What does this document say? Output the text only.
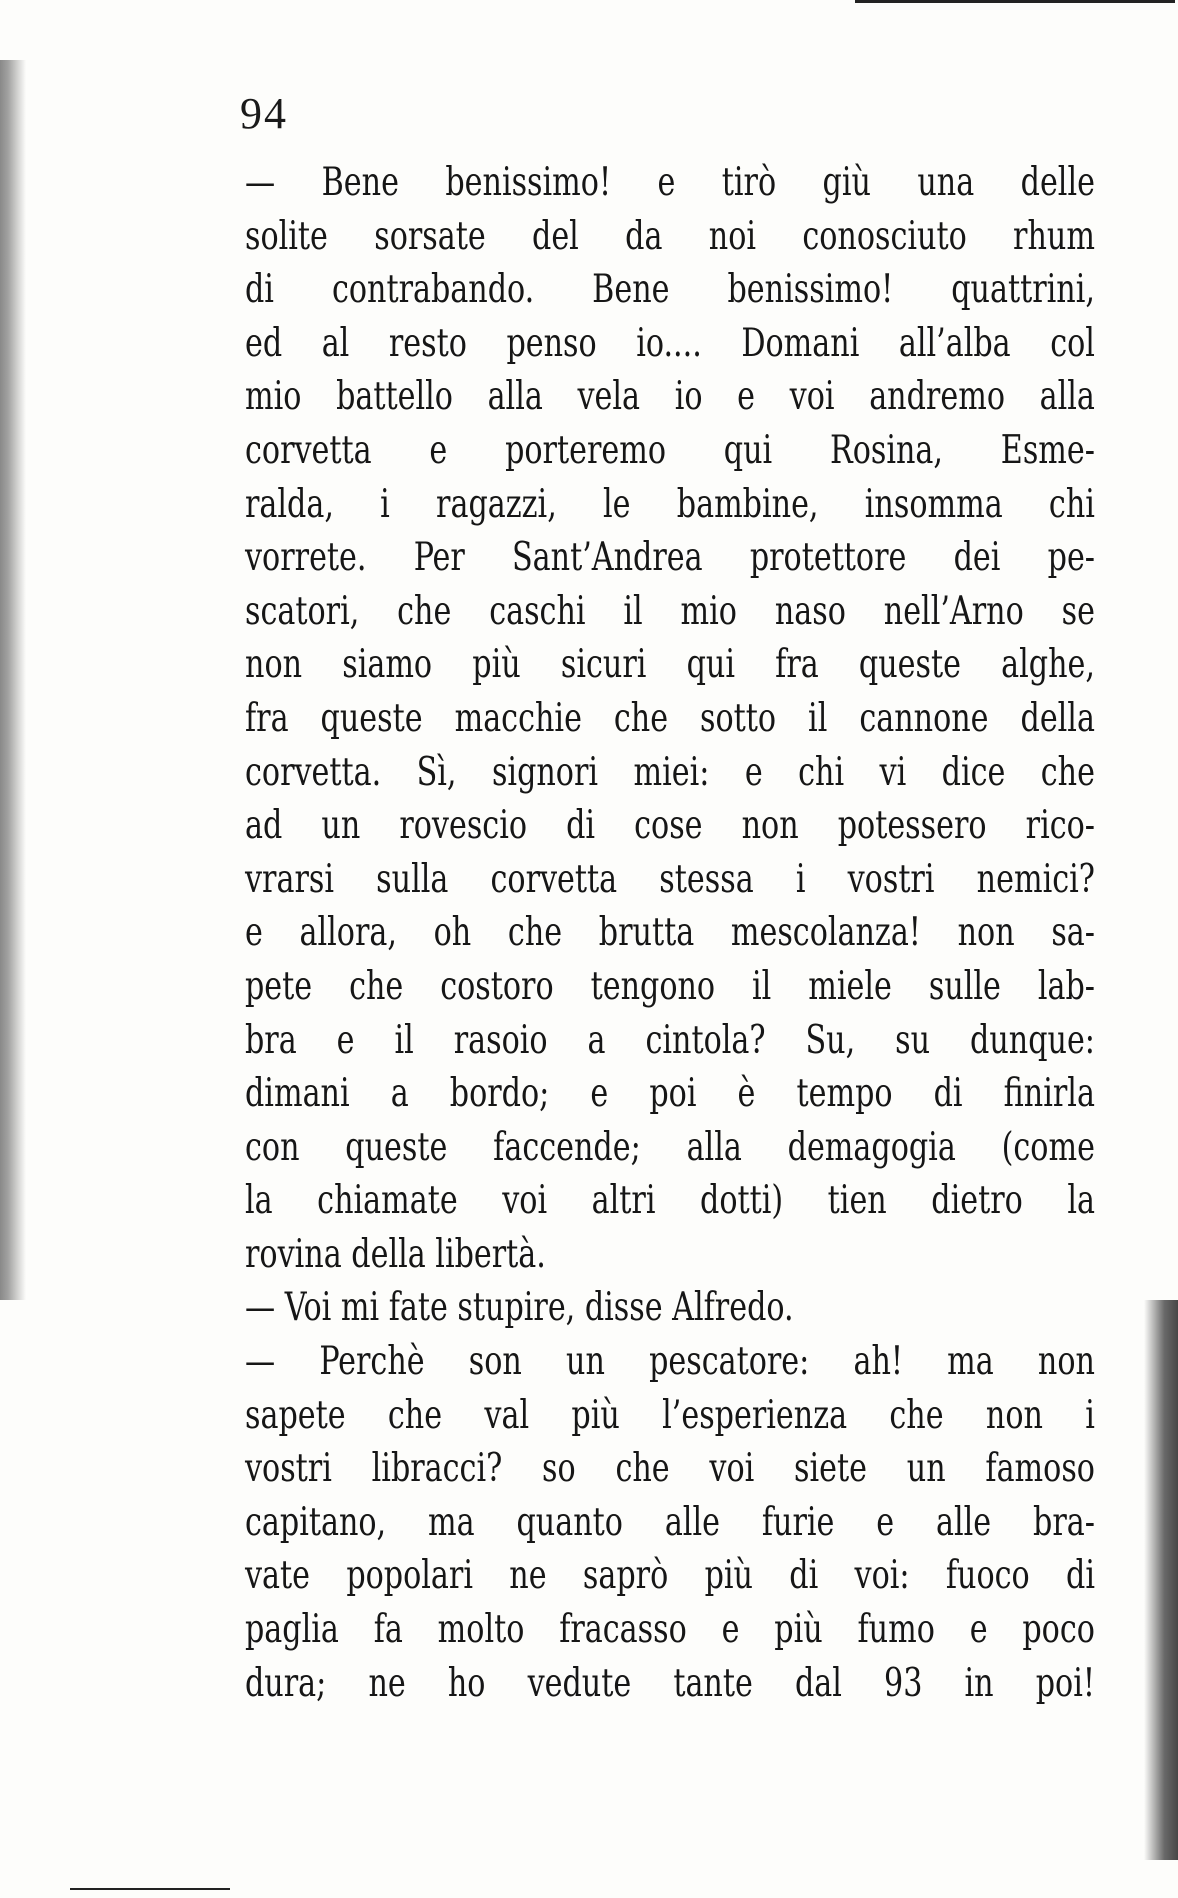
94
— Bene benissimo! e tirò giù una delle
solite sorsate del da noi conosciuto rhum
di contrabando. Bene benissimo! quattrini,
ed al resto penso io.... Domani all’alba col
mio battello alla vela io e voi andremo alla
corvetta e porteremo qui Rosina, Esme-
ralda, i ragazzi, le bambine, insomma chi
vorrete. Per Sant’Andrea protettore dei pe-
scatori, che caschi il mio naso nell’Arno se
non siamo più sicuri qui fra queste alghe,
fra queste macchie che sotto il cannone della
corvetta. Sì, signori miei: e chi vi dice che
ad un rovescio di cose non potessero rico-
vrarsi sulla corvetta stessa i vostri nemici?
e allora, oh che brutta mescolanza! non sa-
pete che costoro tengono il miele sulle lab-
bra e il rasoio a cintola? Su, su dunque:
dimani a bordo; e poi è tempo di finirla
con queste faccende; alla demagogia (come
la chiamate voi altri dotti) tien dietro la
rovina della libertà.
— Voi mi fate stupire, disse Alfredo.
— Perchè son un pescatore: ah! ma non
sapete che val più l’esperienza che non i
vostri libracci? so che voi siete un famoso
capitano, ma quanto alle furie e alle bra-
vate popolari ne saprò più di voi: fuoco di
paglia fa molto fracasso e più fumo e poco
dura; ne ho vedute tante dal 93 in poi!
